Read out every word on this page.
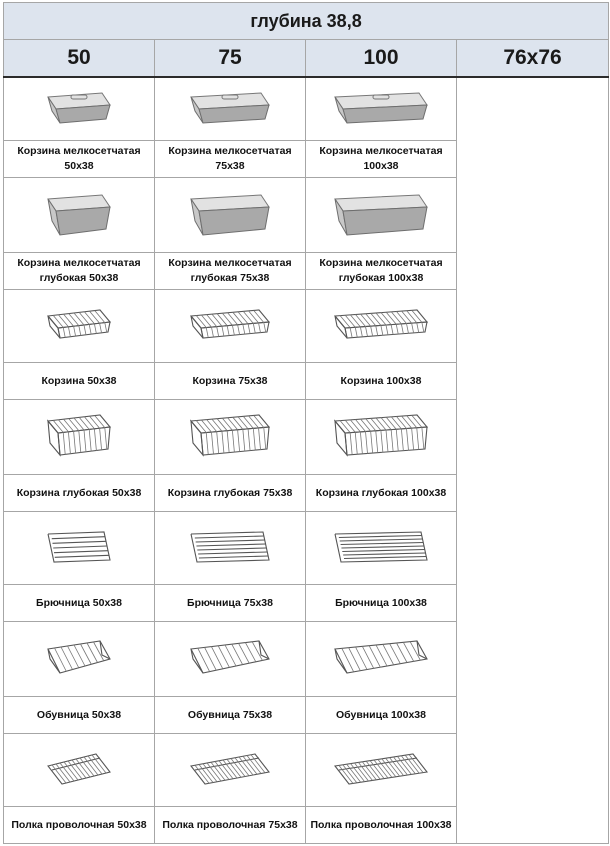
глубина 38,8			
50	75	100	76x76

Корзина мелкосетчатая 50x38	Корзина мелкосетчатая 75x38	Корзина мелкосетчатая 100x38	

Корзина мелкосетчатая глубокая 50x38	Корзина мелкосетчатая глубокая 75x38	Корзина мелкосетчатая глубокая 100x38	

Корзина 50x38	Корзина 75x38	Корзина 100x38	

Корзина глубокая 50x38	Корзина глубокая 75x38	Корзина глубокая 100x38	

Брючница 50x38	Брючница 75x38	Брючница 100x38	

Обувница 50x38	Обувница 75x38	Обувница 100x38	

Полка проволочная 50x38	Полка проволочная 75x38	Полка проволочная 100x38	
